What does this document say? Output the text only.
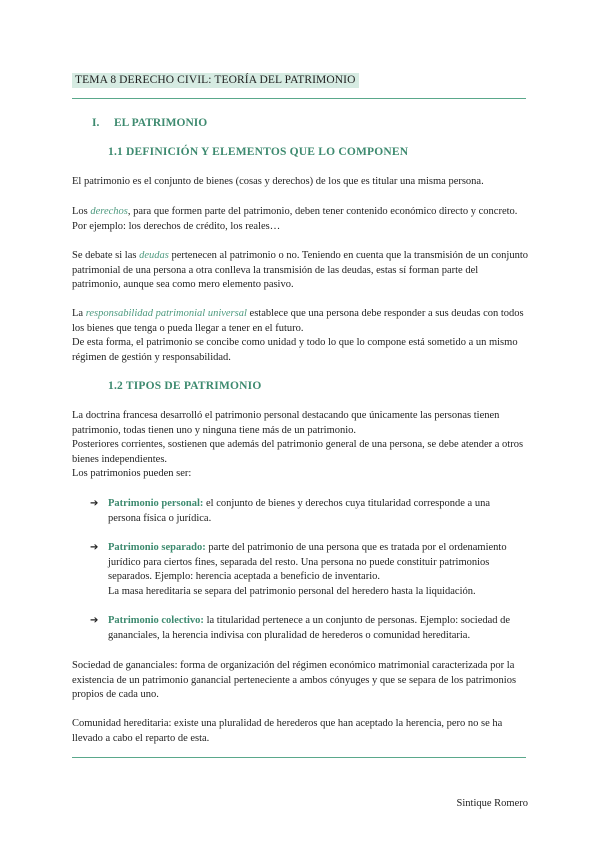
TEMA 8 DERECHO CIVIL: TEORÍA DEL PATRIMONIO
I. EL PATRIMONIO
1.1 DEFINICIÓN Y ELEMENTOS QUE LO COMPONEN

El patrimonio es el conjunto de bienes (cosas y derechos) de los que es titular una misma persona.

Los derechos, para que formen parte del patrimonio, deben tener contenido económico directo y concreto. Por ejemplo: los derechos de crédito, los reales…

Se debate si las deudas pertenecen al patrimonio o no. Teniendo en cuenta que la transmisión de un conjunto patrimonial de una persona a otra conlleva la transmisión de las deudas, estas sí forman parte del patrimonio, aunque sea como mero elemento pasivo.

La responsabilidad patrimonial universal establece que una persona debe responder a sus deudas con todos los bienes que tenga o pueda llegar a tener en el futuro.
De esta forma, el patrimonio se concibe como unidad y todo lo que lo compone está sometido a un mismo régimen de gestión y responsabilidad.

1.2 TIPOS DE PATRIMONIO

La doctrina francesa desarrolló el patrimonio personal destacando que únicamente las personas tienen patrimonio, todas tienen uno y ninguna tiene más de un patrimonio.
Posteriores corrientes, sostienen que además del patrimonio general de una persona, se debe atender a otros bienes independientes.
Los patrimonios pueden ser:

➔ Patrimonio personal: el conjunto de bienes y derechos cuya titularidad corresponde a una persona física o jurídica.
➔ Patrimonio separado: parte del patrimonio de una persona que es tratada por el ordenamiento jurídico para ciertos fines, separada del resto. Una persona no puede constituir patrimonios separados. Ejemplo: herencia aceptada a beneficio de inventario.
La masa hereditaria se separa del patrimonio personal del heredero hasta la liquidación.
➔ Patrimonio colectivo: la titularidad pertenece a un conjunto de personas. Ejemplo: sociedad de gananciales, la herencia indivisa con pluralidad de herederos o comunidad hereditaria.

Sociedad de gananciales: forma de organización del régimen económico matrimonial caracterizada por la existencia de un patrimonio ganancial perteneciente a ambos cónyuges y que se separa de los patrimonios propios de cada uno.

Comunidad hereditaria: existe una pluralidad de herederos que han aceptado la herencia, pero no se ha llevado a cabo el reparto de esta.

Sintique Romero
